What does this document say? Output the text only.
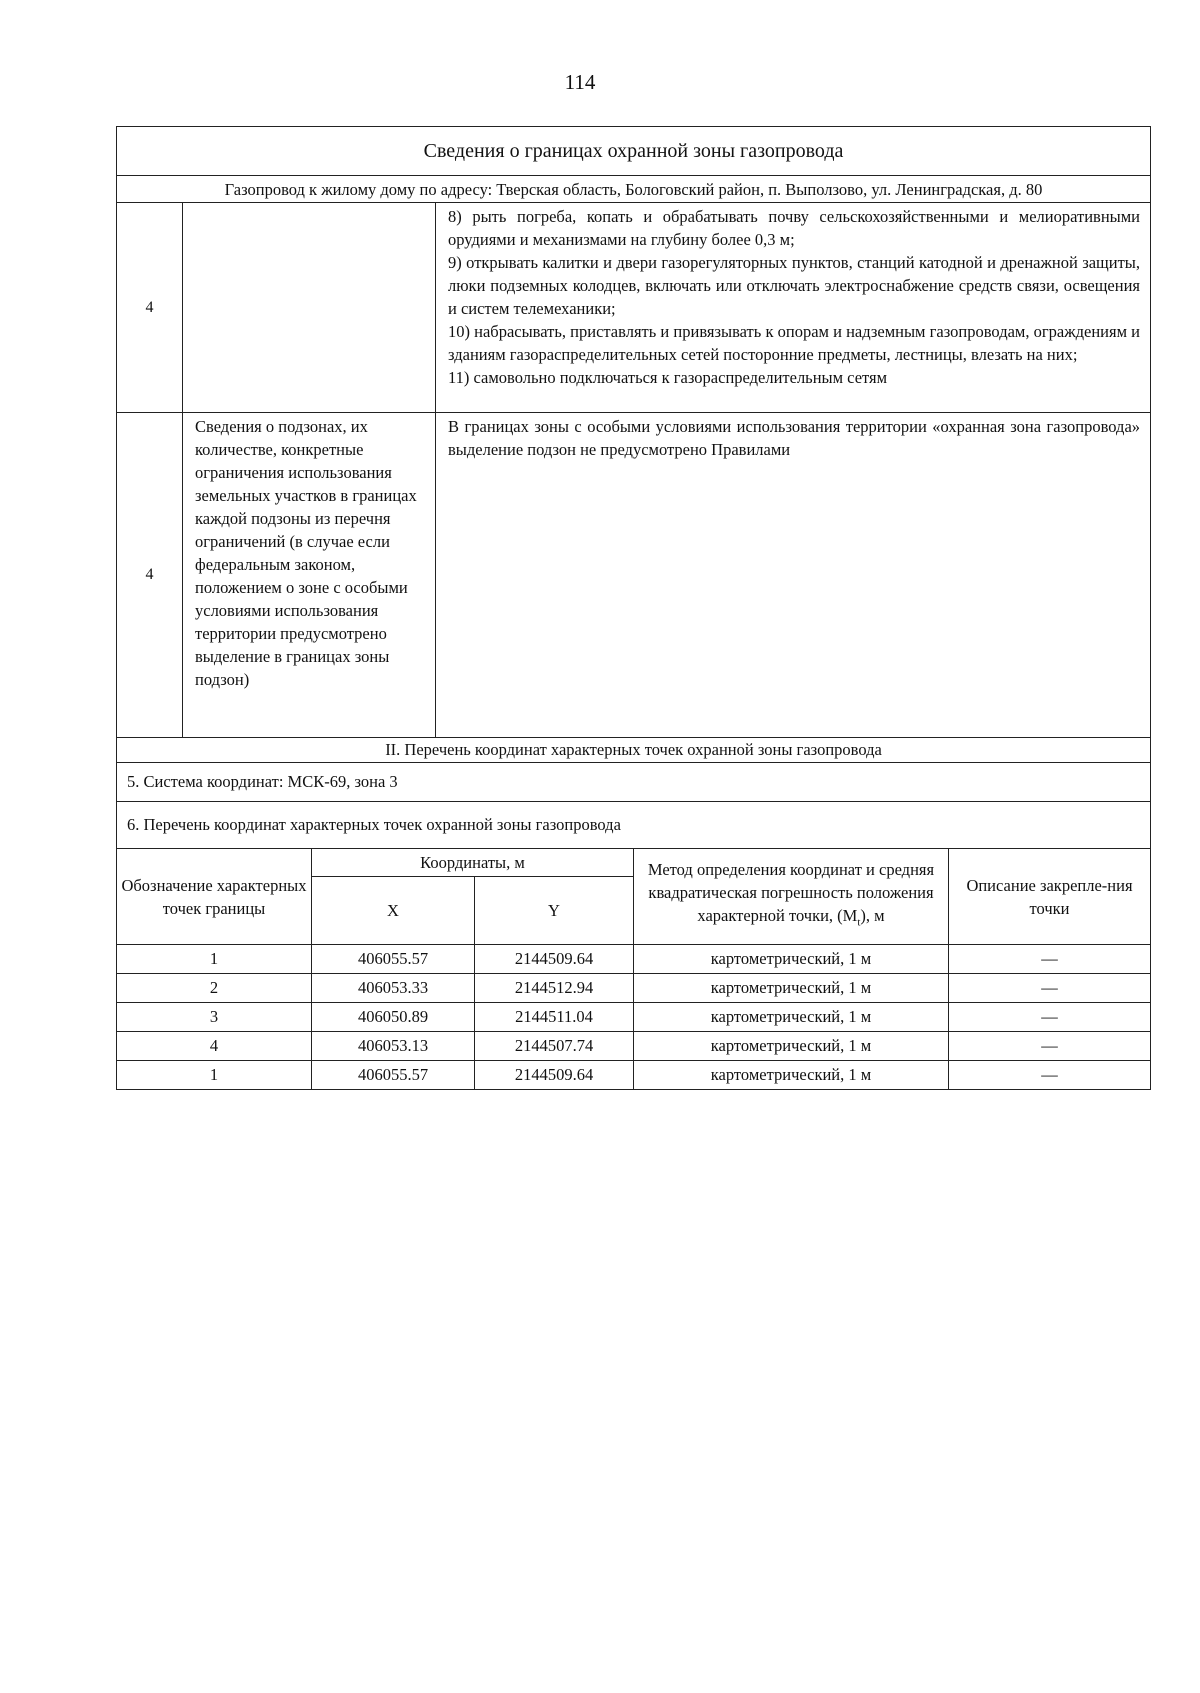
114
Сведения о границах охранной зоны газопровода		
Газопровод к жилому дому по адресу: Тверская область, Бологовский район, п. Выползово, ул. Ленинградская, д. 80		
4		8) рыть погреба, копать и обрабатывать почву сельскохозяйственными и мелиоративными орудиями и механизмами на глубину более 0,3 м;

9) открывать калитки и двери газорегуляторных пунктов, станций катодной и дренажной защиты, люки подземных колодцев, включать или отключать электроснабжение средств связи, освещения и систем телемеханики;

10) набрасывать, приставлять и привязывать к опорам и надземным газопроводам, ограждениям и зданиям газораспределительных сетей посторонние предметы, лестницы, влезать на них;

11) самовольно подключаться к газораспределительным сетям

4	Сведения о подзонах, их количестве, конкретные ограничения использования земельных участков в границах каждой подзоны из перечня ограничений (в случае если федеральным законом, положением о зоне с особыми условиями использования территории предусмотрено выделение в границах зоны подзон)	В границах зоны с особыми условиями использования территории «охранная зона газопровода» выделение подзон не предусмотрено Правилами
II. Перечень координат характерных точек охранной зоны газопровода		
5. Система координат: МСК-69, зона 3		
6. Перечень координат характерных точек охранной зоны газопровода		
Обозначение характерных точек границы	Координаты, м		Метод определения координат и средняя квадратическая погрешность положения характерной точки, $(M_t)$, м	Описание закрепле-ния точки
	X	Y		
1	406055.57	2144509.64	картометрический, 1 м	—
2	406053.33	2144512.94	картометрический, 1 м	—
3	406050.89	2144511.04	картометрический, 1 м	—
4	406053.13	2144507.74	картометрический, 1 м	—
1	406055.57	2144509.64	картометрический, 1 м	—
